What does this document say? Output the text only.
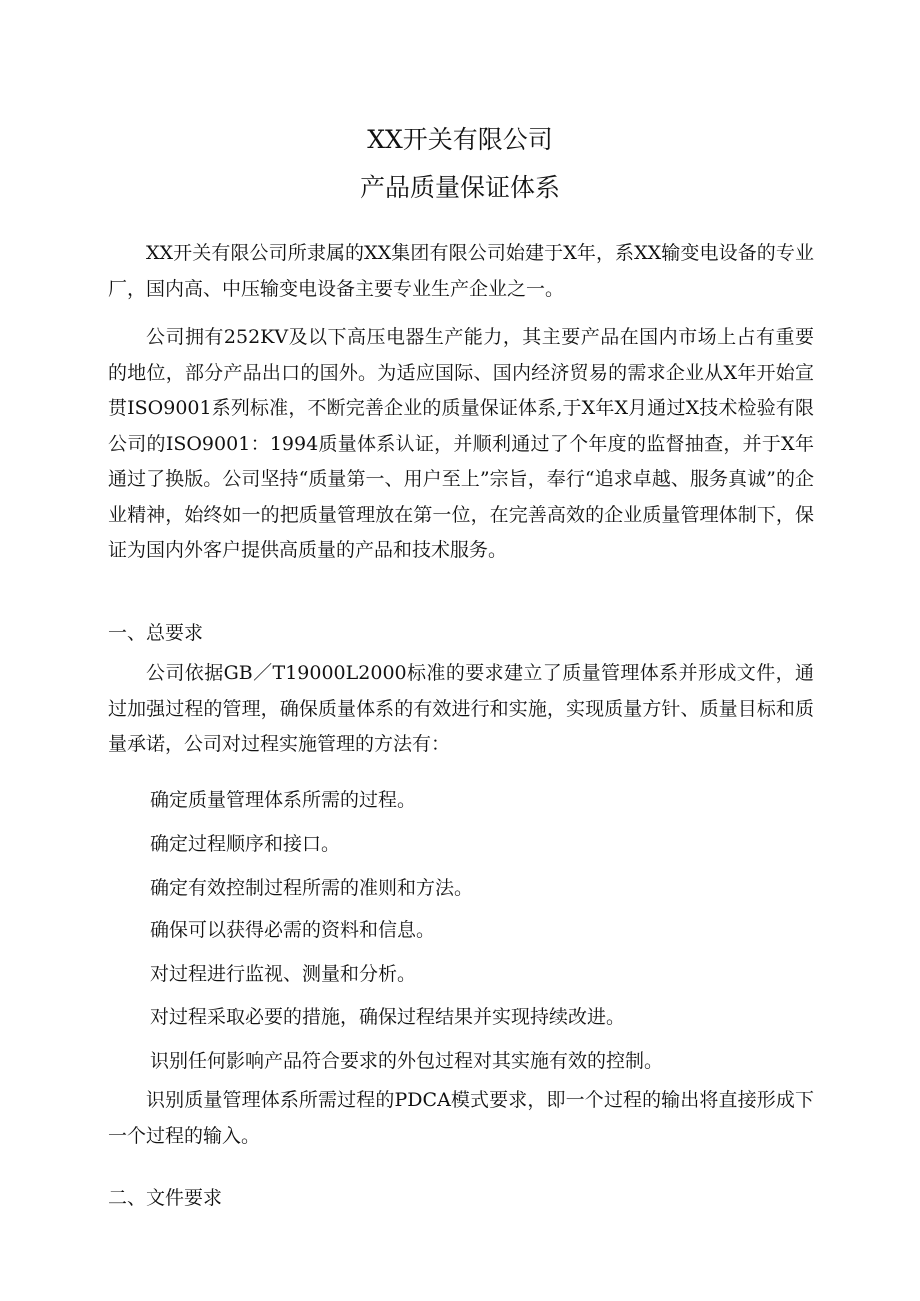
XX开关有限公司
产品质量保证体系

XX开关有限公司所隶属的XX集团有限公司始建于X年，系XX输变电设备的专业厂，国内高、中压输变电设备主要专业生产企业之一。

公司拥有252KV及以下高压电器生产能力，其主要产品在国内市场上占有重要的地位，部分产品出口的国外。为适应国际、国内经济贸易的需求企业从X年开始宣贯ISO9001系列标准，不断完善企业的质量保证体系,于X年X月通过X技术检验有限公司的ISO9001：1994质量体系认证，并顺利通过了个年度的监督抽查，并于X年通过了换版。公司坚持“质量第一、用户至上”宗旨，奉行“追求卓越、服务真诚”的企业精神，始终如一的把质量管理放在第一位，在完善高效的企业质量管理体制下，保证为国内外客户提供高质量的产品和技术服务。

一、总要求

公司依据GB／T19000L2000标准的要求建立了质量管理体系并形成文件，通过加强过程的管理，确保质量体系的有效进行和实施，实现质量方针、质量目标和质量承诺，公司对过程实施管理的方法有：

确定质量管理体系所需的过程。
确定过程顺序和接口。
确定有效控制过程所需的准则和方法。
确保可以获得必需的资料和信息。
对过程进行监视、测量和分析。
对过程采取必要的措施，确保过程结果并实现持续改进。
识别任何影响产品符合要求的外包过程对其实施有效的控制。

识别质量管理体系所需过程的PDCA模式要求，即一个过程的输出将直接形成下一个过程的输入。

二、文件要求
